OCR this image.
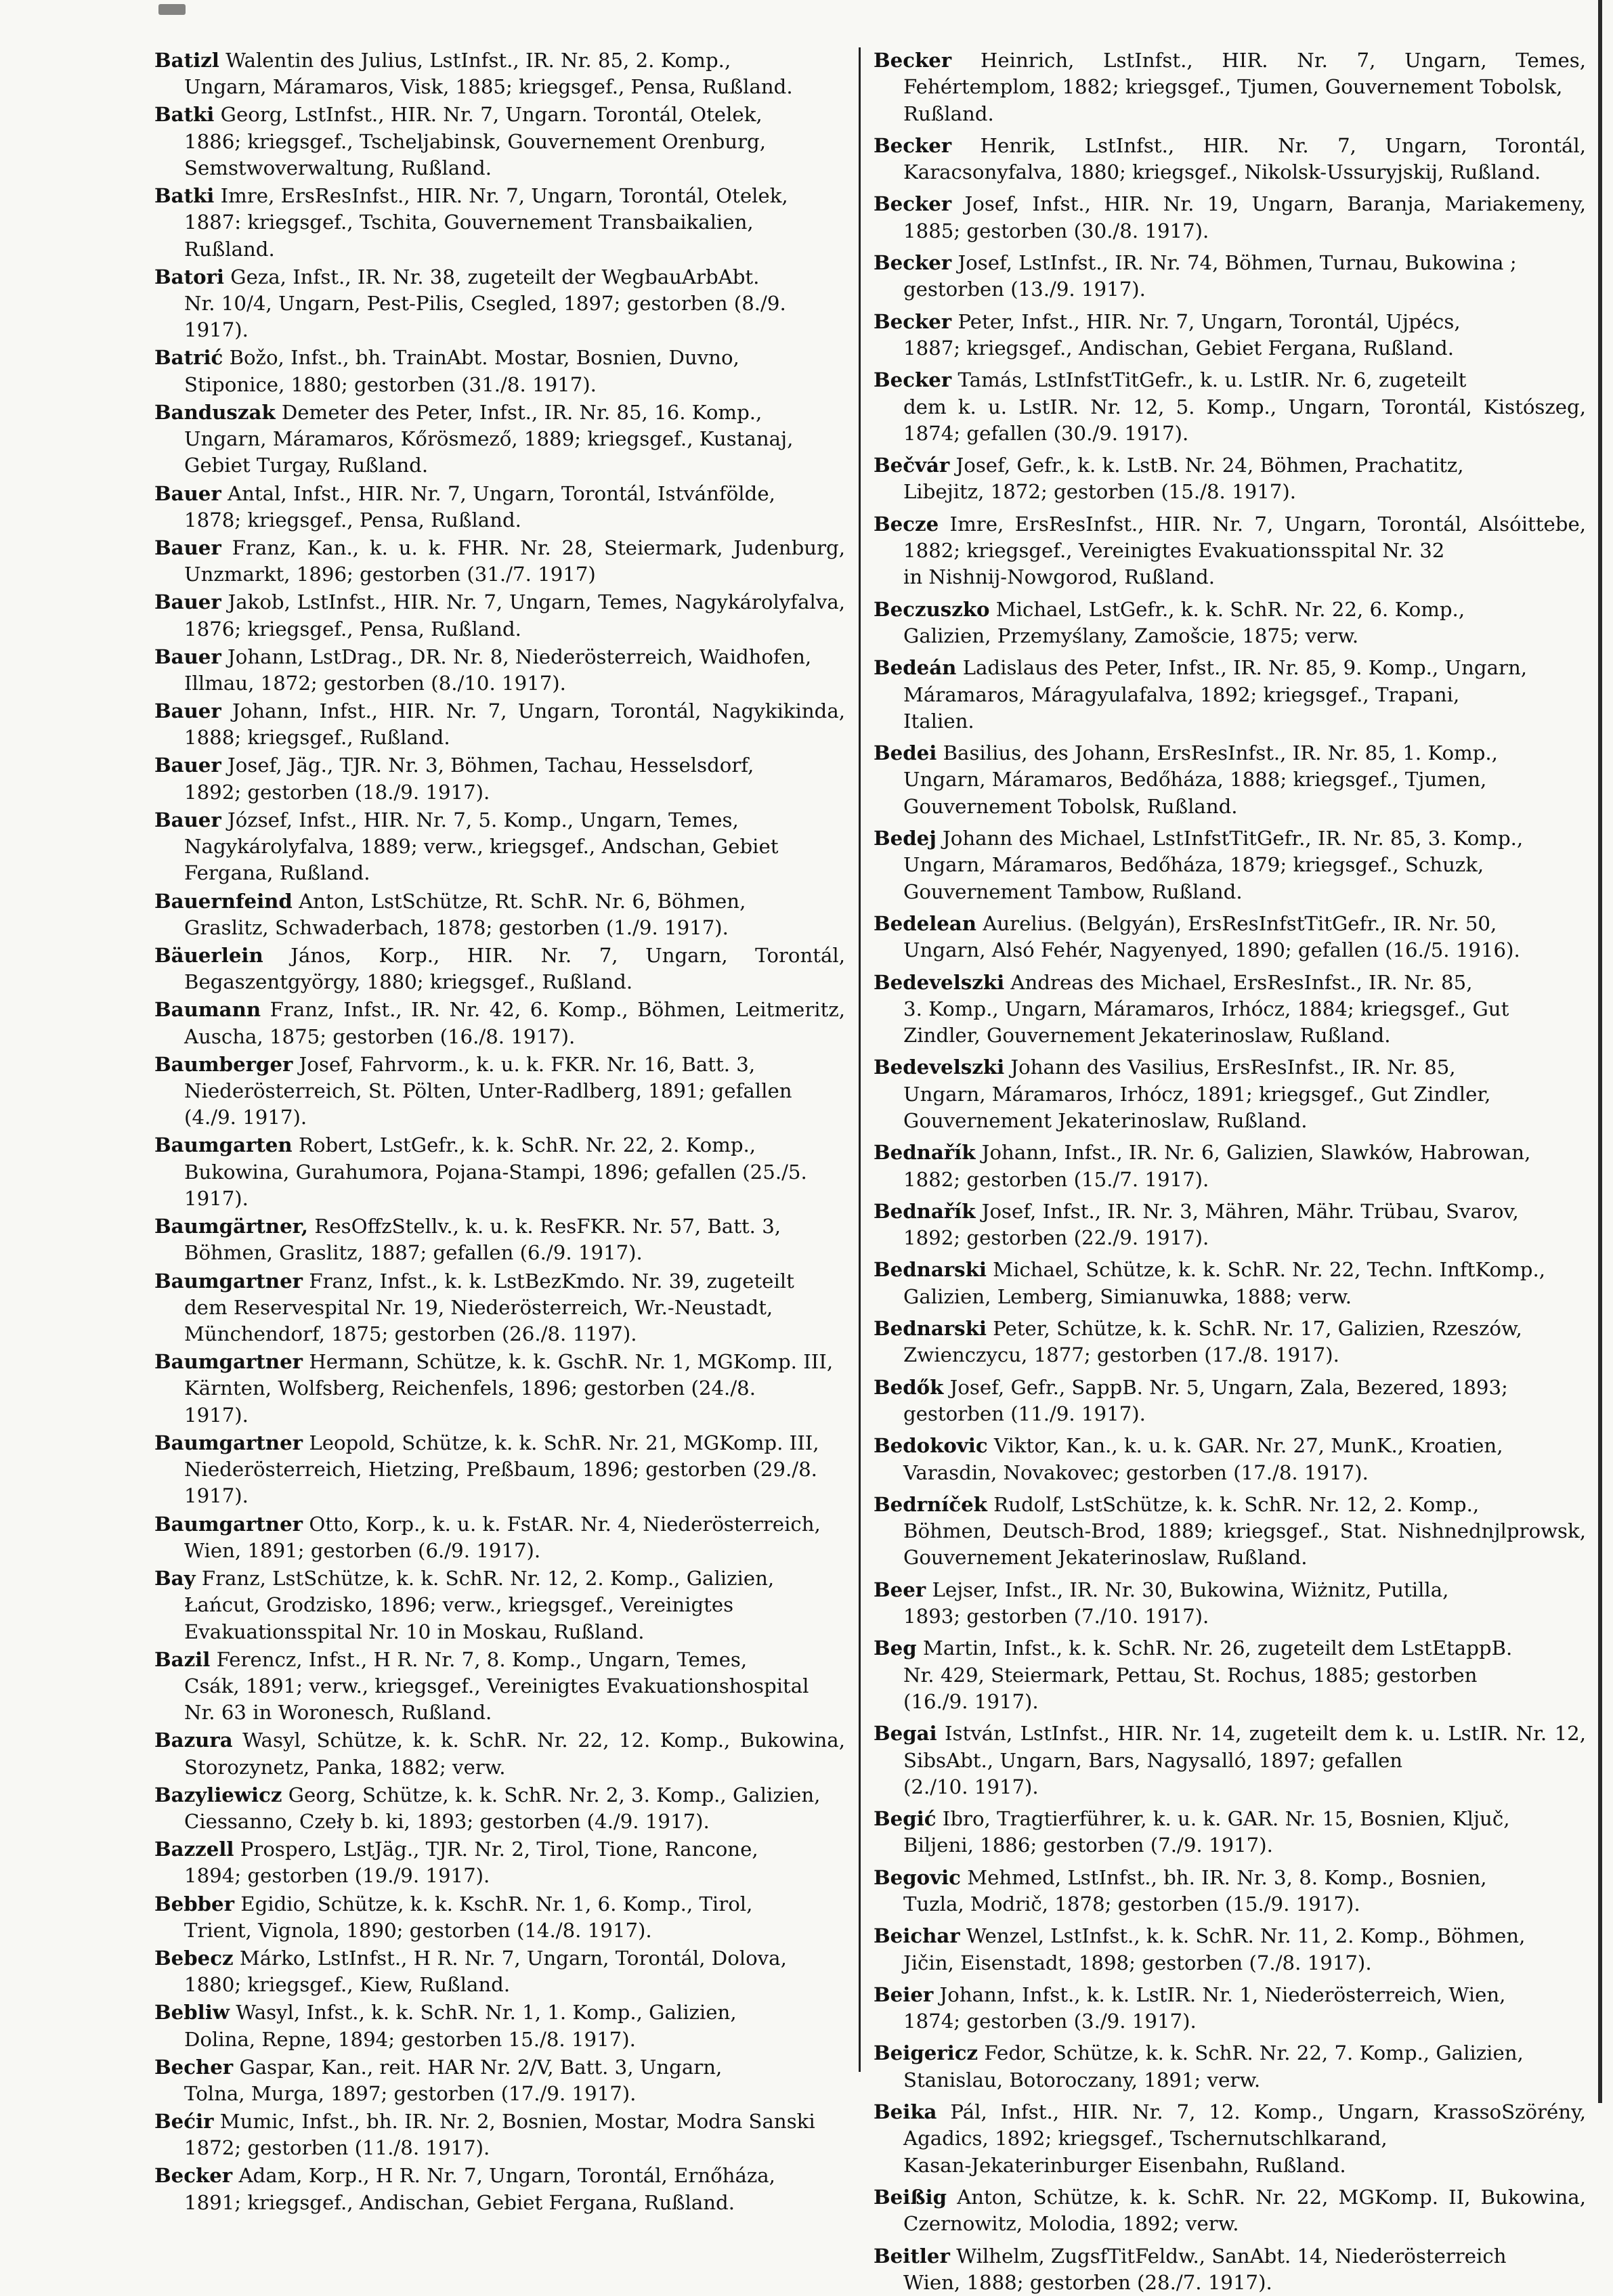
Batizl Walentin des Julius, LstInfst., IR. Nr. 85, 2. Komp.,
Ungarn, Máramaros, Visk, 1885; kriegsgef., Pensa, Rußland.
Batki Georg, LstInfst., HIR. Nr. 7, Ungarn. Torontál, Otelek,
1886; kriegsgef., Tscheljabinsk, Gouvernement Orenburg,
Semstwoverwaltung, Rußland.
Batki Imre, ErsResInfst., HIR. Nr. 7, Ungarn, Torontál, Otelek,
1887: kriegsgef., Tschita, Gouvernement Transbaikalien,
Rußland.
Batori Geza, Infst., IR. Nr. 38, zugeteilt der WegbauArbAbt.
Nr. 10/4, Ungarn, Pest-Pilis, Csegled, 1897; gestorben (8./9.
1917).
Batrić Božo, Infst., bh. TrainAbt. Mostar, Bosnien, Duvno,
Stiponice, 1880; gestorben (31./8. 1917).
Banduszak Demeter des Peter, Infst., IR. Nr. 85, 16. Komp.,
Ungarn, Máramaros, Kőrösmező, 1889; kriegsgef., Kustanaj,
Gebiet Turgay, Rußland.
Bauer Antal, Infst., HIR. Nr. 7, Ungarn, Torontál, Istvánfölde,
1878; kriegsgef., Pensa, Rußland.
Bauer Franz, Kan., k. u. k. FHR. Nr. 28, Steiermark, Judenburg, Unzmarkt, 1896; gestorben (31./7. 1917)
Bauer Jakob, LstInfst., HIR. Nr. 7, Ungarn, Temes, Nagykárolyfalva, 1876; kriegsgef., Pensa, Rußland.
Bauer Johann, LstDrag., DR. Nr. 8, Niederösterreich, Waidhofen,
Illmau, 1872; gestorben (8./10. 1917).
Bauer Johann, Infst., HIR. Nr. 7, Ungarn, Torontál, Nagykikinda, 1888; kriegsgef., Rußland.
Bauer Josef, Jäg., TJR. Nr. 3, Böhmen, Tachau, Hesselsdorf,
1892; gestorben (18./9. 1917).
Bauer József, Infst., HIR. Nr. 7, 5. Komp., Ungarn, Temes,
Nagykárolyfalva, 1889; verw., kriegsgef., Andschan, Gebiet
Fergana, Rußland.
Bauernfeind Anton, LstSchütze, Rt. SchR. Nr. 6, Böhmen,
Graslitz, Schwaderbach, 1878; gestorben (1./9. 1917).
Bäuerlein János, Korp., HIR. Nr. 7, Ungarn, Torontál, Begaszentgyörgy, 1880; kriegsgef., Rußland.
Baumann Franz, Infst., IR. Nr. 42, 6. Komp., Böhmen, Leitmeritz, Auscha, 1875; gestorben (16./8. 1917).
Baumberger Josef, Fahrvorm., k. u. k. FKR. Nr. 16, Batt. 3,
Niederösterreich, St. Pölten, Unter-Radlberg, 1891; gefallen
(4./9. 1917).
Baumgarten Robert, LstGefr., k. k. SchR. Nr. 22, 2. Komp.,
Bukowina, Gurahumora, Pojana-Stampi, 1896; gefallen (25./5.
1917).
Baumgärtner, ResOffzStellv., k. u. k. ResFKR. Nr. 57, Batt. 3,
Böhmen, Graslitz, 1887; gefallen (6./9. 1917).
Baumgartner Franz, Infst., k. k. LstBezKmdo. Nr. 39, zugeteilt
dem Reservespital Nr. 19, Niederösterreich, Wr.-Neustadt,
Münchendorf, 1875; gestorben (26./8. 1197).
Baumgartner Hermann, Schütze, k. k. GschR. Nr. 1, MGKomp. III,
Kärnten, Wolfsberg, Reichenfels, 1896; gestorben (24./8.
1917).
Baumgartner Leopold, Schütze, k. k. SchR. Nr. 21, MGKomp. III,
Niederösterreich, Hietzing, Preßbaum, 1896; gestorben (29./8.
1917).
Baumgartner Otto, Korp., k. u. k. FstAR. Nr. 4, Niederösterreich,
Wien, 1891; gestorben (6./9. 1917).
Bay Franz, LstSchütze, k. k. SchR. Nr. 12, 2. Komp., Galizien,
Łańcut, Grodzisko, 1896; verw., kriegsgef., Vereinigtes
Evakuationsspital Nr. 10 in Moskau, Rußland.
Bazil Ferencz, Infst., H R. Nr. 7, 8. Komp., Ungarn, Temes,
Csák, 1891; verw., kriegsgef., Vereinigtes Evakuationshospital
Nr. 63 in Woronesch, Rußland.
Bazura Wasyl, Schütze, k. k. SchR. Nr. 22, 12. Komp., Bukowina, Storozynetz, Panka, 1882; verw.
Bazyliewicz Georg, Schütze, k. k. SchR. Nr. 2, 3. Komp., Galizien,
Ciessanno, Czeły b. ki, 1893; gestorben (4./9. 1917).
Bazzell Prospero, LstJäg., TJR. Nr. 2, Tirol, Tione, Rancone,
1894; gestorben (19./9. 1917).
Bebber Egidio, Schütze, k. k. KschR. Nr. 1, 6. Komp., Tirol,
Trient, Vignola, 1890; gestorben (14./8. 1917).
Bebecz Márko, LstInfst., H R. Nr. 7, Ungarn, Torontál, Dolova,
1880; kriegsgef., Kiew, Rußland.
Bebliw Wasyl, Infst., k. k. SchR. Nr. 1, 1. Komp., Galizien,
Dolina, Repne, 1894; gestorben 15./8. 1917).
Becher Gaspar, Kan., reit. HAR Nr. 2/V, Batt. 3, Ungarn,
Tolna, Murga, 1897; gestorben (17./9. 1917).
Bećir Mumic, Infst., bh. IR. Nr. 2, Bosnien, Mostar, Modra Sanski
1872; gestorben (11./8. 1917).
Becker Adam, Korp., H R. Nr. 7, Ungarn, Torontál, Ernőháza,
1891; kriegsgef., Andischan, Gebiet Fergana, Rußland.
Becker Heinrich, LstInfst., HIR. Nr. 7, Ungarn, Temes, Fehértemplom, 1882; kriegsgef., Tjumen, Gouvernement Tobolsk,
Rußland.
Becker Henrik, LstInfst., HIR. Nr. 7, Ungarn, Torontál, Karacsonyfalva, 1880; kriegsgef., Nikolsk-Ussuryjskij, Rußland.
Becker Josef, Infst., HIR. Nr. 19, Ungarn, Baranja, Mariakemeny, 1885; gestorben (30./8. 1917).
Becker Josef, LstInfst., IR. Nr. 74, Böhmen, Turnau, Bukowina ;
gestorben (13./9. 1917).
Becker Peter, Infst., HIR. Nr. 7, Ungarn, Torontál, Ujpécs,
1887; kriegsgef., Andischan, Gebiet Fergana, Rußland.
Becker Tamás, LstInfstTitGefr., k. u. LstIR. Nr. 6, zugeteilt
dem k. u. LstIR. Nr. 12, 5. Komp., Ungarn, Torontál, Kistószeg, 1874; gefallen (30./9. 1917).
Bečvár Josef, Gefr., k. k. LstB. Nr. 24, Böhmen, Prachatitz,
Libejitz, 1872; gestorben (15./8. 1917).
Becze Imre, ErsResInfst., HIR. Nr. 7, Ungarn, Torontál, Alsóittebe, 1882; kriegsgef., Vereinigtes Evakuationsspital Nr. 32
in Nishnij-Nowgorod, Rußland.
Beczuszko Michael, LstGefr., k. k. SchR. Nr. 22, 6. Komp.,
Galizien, Przemyślany, Zamošcie, 1875; verw.
Bedeán Ladislaus des Peter, Infst., IR. Nr. 85, 9. Komp., Ungarn,
Máramaros, Máragyulafalva, 1892; kriegsgef., Trapani,
Italien.
Bedei Basilius, des Johann, ErsResInfst., IR. Nr. 85, 1. Komp.,
Ungarn, Máramaros, Bedőháza, 1888; kriegsgef., Tjumen,
Gouvernement Tobolsk, Rußland.
Bedej Johann des Michael, LstInfstTitGefr., IR. Nr. 85, 3. Komp.,
Ungarn, Máramaros, Bedőháza, 1879; kriegsgef., Schuzk,
Gouvernement Tambow, Rußland.
Bedelean Aurelius. (Belgyán), ErsResInfstTitGefr., IR. Nr. 50,
Ungarn, Alsó Fehér, Nagyenyed, 1890; gefallen (16./5. 1916).
Bedevelszki Andreas des Michael, ErsResInfst., IR. Nr. 85,
3. Komp., Ungarn, Máramaros, Irhócz, 1884; kriegsgef., Gut
Zindler, Gouvernement Jekaterinoslaw, Rußland.
Bedevelszki Johann des Vasilius, ErsResInfst., IR. Nr. 85,
Ungarn, Máramaros, Irhócz, 1891; kriegsgef., Gut Zindler,
Gouvernement Jekaterinoslaw, Rußland.
Bednařík Johann, Infst., IR. Nr. 6, Galizien, Slawków, Habrowan,
1882; gestorben (15./7. 1917).
Bednařík Josef, Infst., IR. Nr. 3, Mähren, Mähr. Trübau, Svarov,
1892; gestorben (22./9. 1917).
Bednarski Michael, Schütze, k. k. SchR. Nr. 22, Techn. InftKomp.,
Galizien, Lemberg, Simianuwka, 1888; verw.
Bednarski Peter, Schütze, k. k. SchR. Nr. 17, Galizien, Rzeszów,
Zwienczycu, 1877; gestorben (17./8. 1917).
Bedők Josef, Gefr., SappB. Nr. 5, Ungarn, Zala, Bezered, 1893;
gestorben (11./9. 1917).
Bedokovic Viktor, Kan., k. u. k. GAR. Nr. 27, MunK., Kroatien,
Varasdin, Novakovec; gestorben (17./8. 1917).
Bedrníček Rudolf, LstSchütze, k. k. SchR. Nr. 12, 2. Komp.,
Böhmen, Deutsch-Brod, 1889; kriegsgef., Stat. Nishnednjlprowsk, Gouvernement Jekaterinoslaw, Rußland.
Beer Lejser, Infst., IR. Nr. 30, Bukowina, Wiżnitz, Putilla,
1893; gestorben (7./10. 1917).
Beg Martin, Infst., k. k. SchR. Nr. 26, zugeteilt dem LstEtappB.
Nr. 429, Steiermark, Pettau, St. Rochus, 1885; gestorben
(16./9. 1917).
Begai István, LstInfst., HIR. Nr. 14, zugeteilt dem k. u. LstIR. Nr. 12, SibsAbt., Ungarn, Bars, Nagysalló, 1897; gefallen
(2./10. 1917).
Begić Ibro, Tragtierführer, k. u. k. GAR. Nr. 15, Bosnien, Ključ,
Biljeni, 1886; gestorben (7./9. 1917).
Begovic Mehmed, LstInfst., bh. IR. Nr. 3, 8. Komp., Bosnien,
Tuzla, Modrič, 1878; gestorben (15./9. 1917).
Beichar Wenzel, LstInfst., k. k. SchR. Nr. 11, 2. Komp., Böhmen,
Jičin, Eisenstadt, 1898; gestorben (7./8. 1917).
Beier Johann, Infst., k. k. LstIR. Nr. 1, Niederösterreich, Wien,
1874; gestorben (3./9. 1917).
Beigericz Fedor, Schütze, k. k. SchR. Nr. 22, 7. Komp., Galizien,
Stanislau, Botoroczany, 1891; verw.
Beika Pál, Infst., HIR. Nr. 7, 12. Komp., Ungarn, KrassoSzörény, Agadics, 1892; kriegsgef., Tschernutschlkarand,
Kasan-Jekaterinburger Eisenbahn, Rußland.
Beißig Anton, Schütze, k. k. SchR. Nr. 22, MGKomp. II, Bukowina, Czernowitz, Molodia, 1892; verw.
Beitler Wilhelm, ZugsfTitFeldw., SanAbt. 14, Niederösterreich
Wien, 1888; gestorben (28./7. 1917).
